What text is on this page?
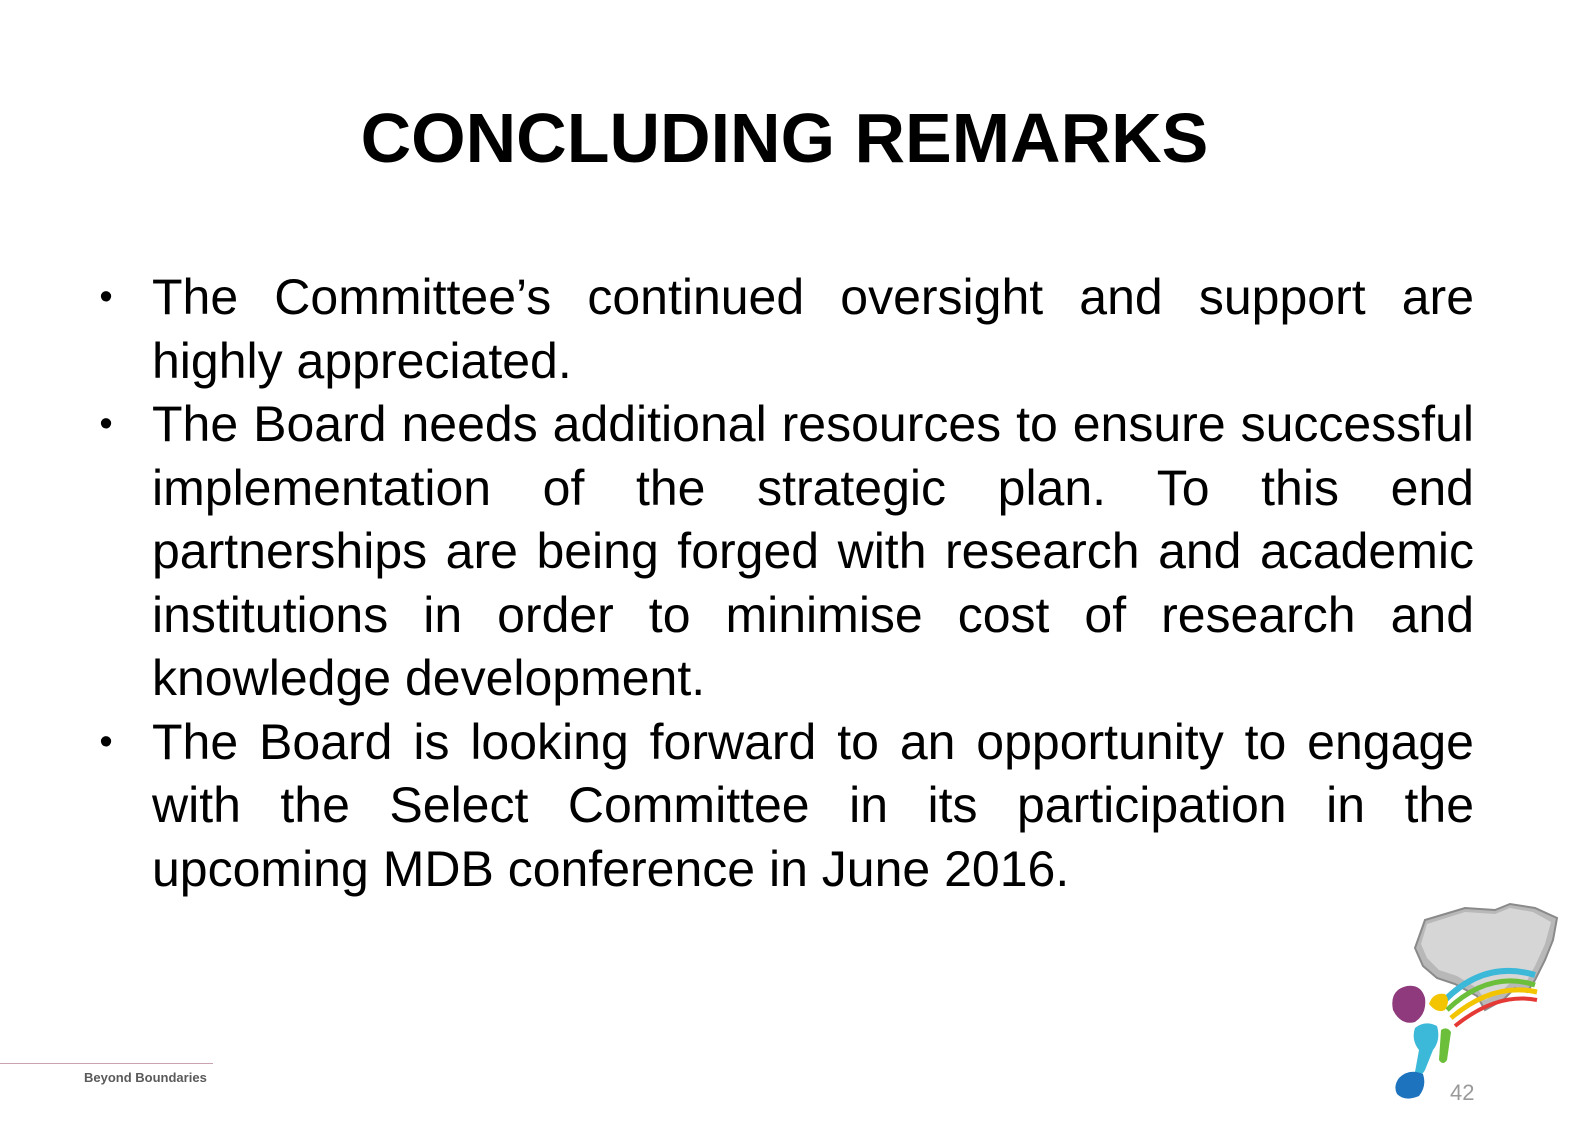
CONCLUDING REMARKS
• The Committee’s continued oversight and support are highly appreciated.
• The Board needs additional resources to ensure successful implementation of the strategic plan. To this end partnerships are being forged with research and academic institutions in order to minimise cost of research and knowledge development.
• The Board is looking forward to an opportunity to engage with the Select Committee in its participation in the upcoming MDB conference in June 2016.
Beyond Boundaries
42
